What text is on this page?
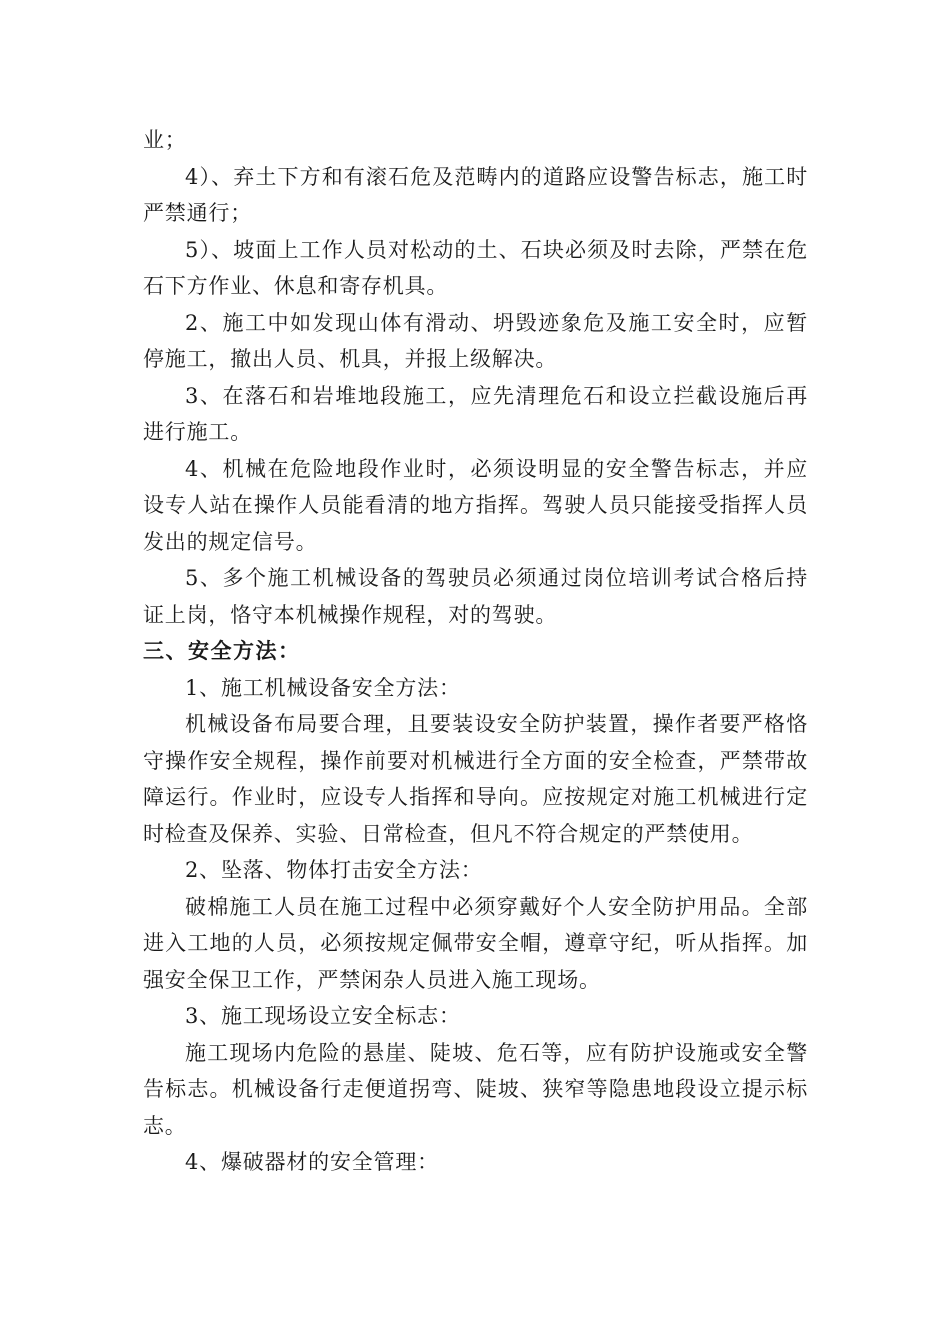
业；

4）、弃土下方和有滚石危及范畴内的道路应设警告标志，施工时严禁通行；

5）、坡面上工作人员对松动的土、石块必须及时去除，严禁在危石下方作业、休息和寄存机具。

2、施工中如发现山体有滑动、坍毁迹象危及施工安全时，应暂停施工，撤出人员、机具，并报上级解决。

3、在落石和岩堆地段施工，应先清理危石和设立拦截设施后再进行施工。

4、机械在危险地段作业时，必须设明显的安全警告标志，并应设专人站在操作人员能看清的地方指挥。驾驶人员只能接受指挥人员发出的规定信号。

5、多个施工机械设备的驾驶员必须通过岗位培训考试合格后持证上岗，恪守本机械操作规程，对的驾驶。

三、安全方法：

1、施工机械设备安全方法：

机械设备布局要合理，且要装设安全防护装置，操作者要严格恪守操作安全规程，操作前要对机械进行全方面的安全检查，严禁带故障运行。作业时，应设专人指挥和导向。应按规定对施工机械进行定时检查及保养、实验、日常检查，但凡不符合规定的严禁使用。

2、坠落、物体打击安全方法：

破棉施工人员在施工过程中必须穿戴好个人安全防护用品。全部进入工地的人员，必须按规定佩带安全帽，遵章守纪，听从指挥。加强安全保卫工作，严禁闲杂人员进入施工现场。

3、施工现场设立安全标志：

施工现场内危险的悬崖、陡坡、危石等，应有防护设施或安全警告标志。机械设备行走便道拐弯、陡坡、狭窄等隐患地段设立提示标志。

4、爆破器材的安全管理：
